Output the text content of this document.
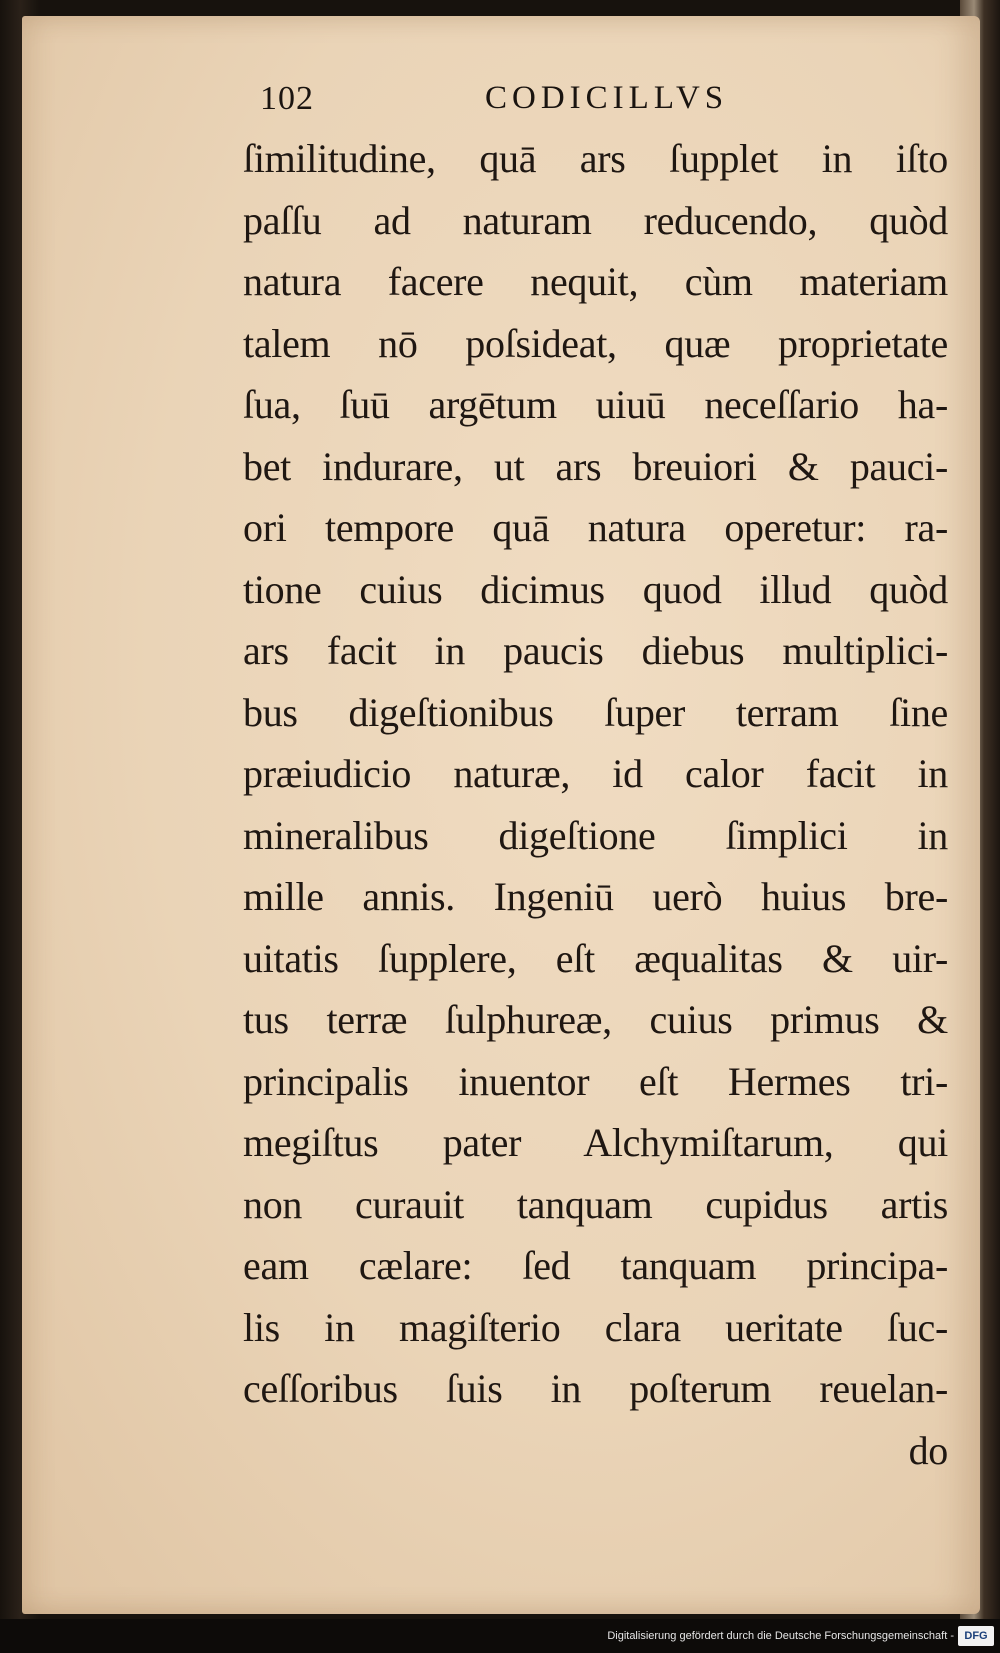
102	CODICILLVS
ſimilitudine, quā ars ſupplet in iſto
paſſu ad naturam reducendo, quòd
natura facere nequit, cùm materiam
talem nō poſsideat, quæ proprietate
ſua, ſuū argētum uiuū neceſſario ha-
bet indurare, ut ars breuiori & pauci-
ori tempore quā natura operetur: ra-
tione cuius dicimus quod illud quòd
ars facit in paucis diebus multiplici-
bus digeſtionibus ſuper terram ſine
præiudicio naturæ, id calor facit in
mineralibus digeſtione ſimplici in
mille annis. Ingeniū uerò huius bre-
uitatis ſupplere, eſt æqualitas & uir-
tus terræ ſulphureæ, cuius primus &
principalis inuentor eſt Hermes tri-
megiſtus pater Alchymiſtarum, qui
non curauit tanquam cupidus artis
eam cælare: ſed tanquam principa-
lis in magiſterio clara ueritate ſuc-
ceſſoribus ſuis in poſterum reuelan-
do
Digitalisierung gefördert durch die Deutsche Forschungsgemeinschaft - DFG
